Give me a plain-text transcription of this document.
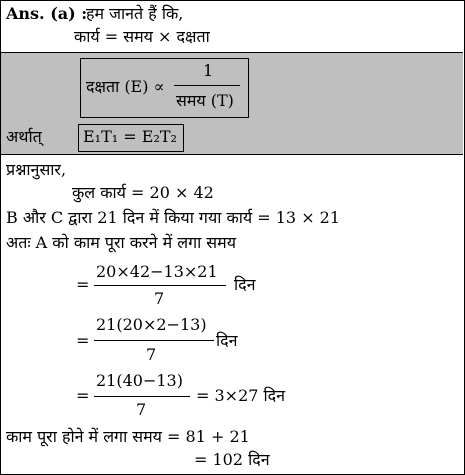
Ans. (a) :
हम जानते हैं कि,
कार्य = समय × दक्षता
दक्षता (E) ∝
1
समय (T)
अर्थात्	E₁T₁ = E₂T₂
प्रश्नानुसार,
कुल कार्य = 20 × 42
B और C द्वारा 21 दिन में किया गया कार्य = 13 × 21
अतः A को काम पूरा करने में लगा समय
=
20×42−13×21
7
दिन
=
21(20×2−13)
7
दिन
=
21(40−13)
7
= 3×27 दिन
काम पूरा होने में लगा समय = 81 + 21
= 102 दिन
